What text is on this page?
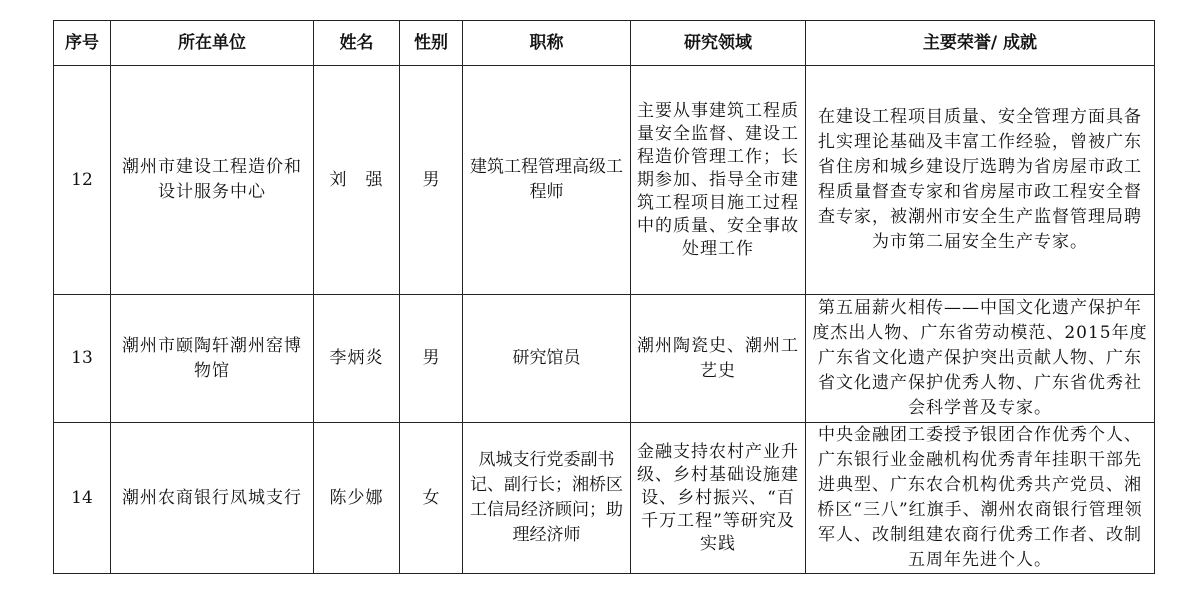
序号	所在单位	姓名	性别	职称	研究领域	主要荣誉/ 成就
12	潮州市建设工程造价和设计服务中心	刘　强	男	建筑工程管理高级工程师	主要从事建筑工程质量安全监督、建设工程造价管理工作；长期参加、指导全市建筑工程项目施工过程中的质量、安全事故处理工作	在建设工程项目质量、安全管理方面具备扎实理论基础及丰富工作经验，曾被广东省住房和城乡建设厅选聘为省房屋市政工程质量督查专家和省房屋市政工程安全督查专家，被潮州市安全生产监督管理局聘为市第二届安全生产专家。
13	潮州市颐陶轩潮州窑博物馆	李炳炎	男	研究馆员	潮州陶瓷史、潮州工艺史	第五届薪火相传——中国文化遗产保护年度杰出人物、广东省劳动模范、2015年度广东省文化遗产保护突出贡献人物、广东省文化遗产保护优秀人物、广东省优秀社会科学普及专家。
14	潮州农商银行凤城支行	陈少娜	女	凤城支行党委副书记、副行长；湘桥区工信局经济顾问；助理经济师	金融支持农村产业升级、乡村基础设施建设、乡村振兴、“百千万工程”等研究及实践	中央金融团工委授予银团合作优秀个人、广东银行业金融机构优秀青年挂职干部先进典型、广东农合机构优秀共产党员、湘桥区“三八”红旗手、潮州农商银行管理领军人、改制组建农商行优秀工作者、改制五周年先进个人。
